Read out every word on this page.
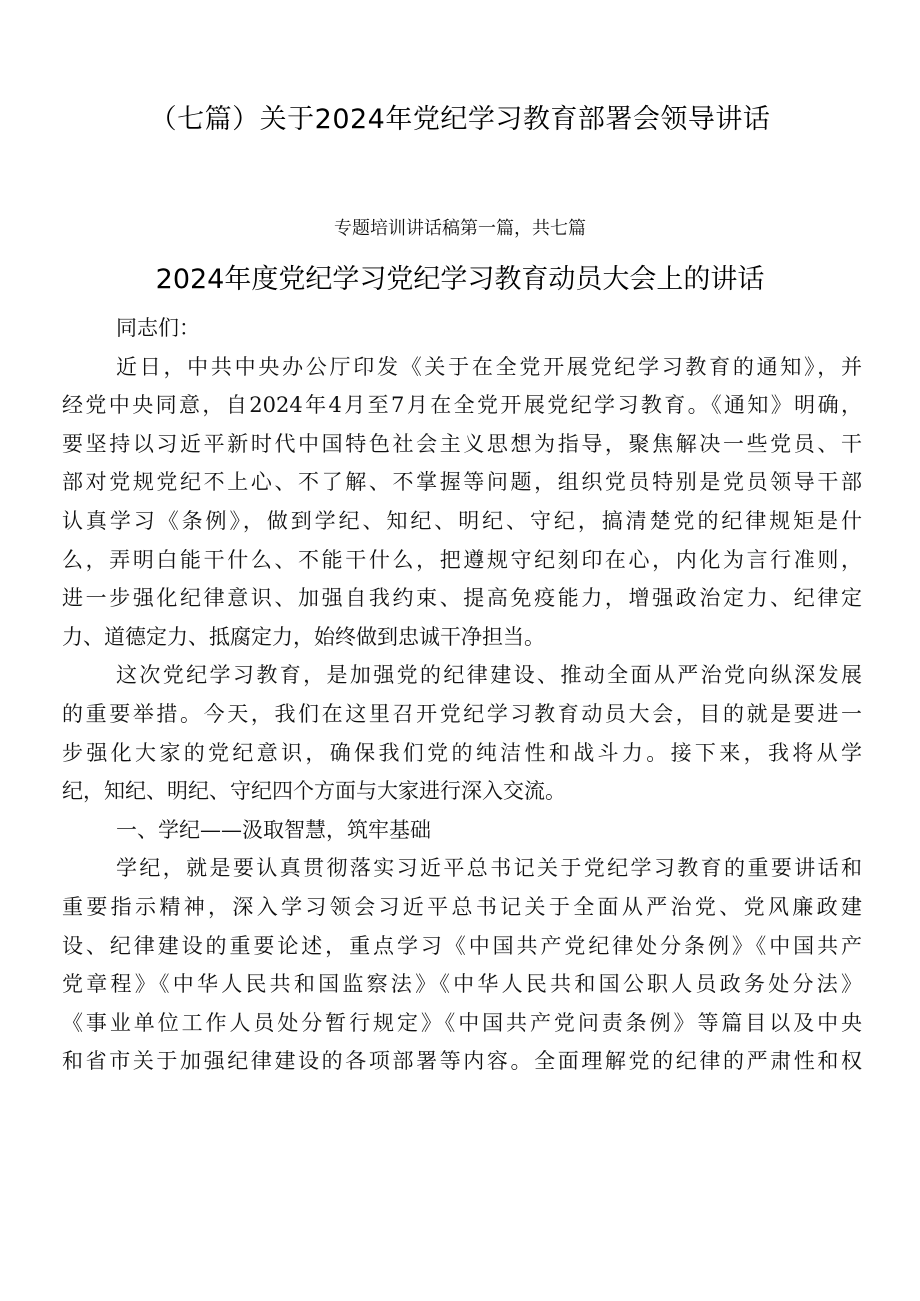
（七篇）关于2024年党纪学习教育部署会领导讲话
专题培训讲话稿第一篇，共七篇
2024年度党纪学习党纪学习教育动员大会上的讲话
同志们：
近日，中共中央办公厅印发《关于在全党开展党纪学习教育的通知》，并
经党中央同意，自2024年4月至7月在全党开展党纪学习教育。《通知》明确，
要坚持以习近平新时代中国特色社会主义思想为指导，聚焦解决一些党员、干
部对党规党纪不上心、不了解、不掌握等问题，组织党员特别是党员领导干部
认真学习《条例》，做到学纪、知纪、明纪、守纪，搞清楚党的纪律规矩是什
么，弄明白能干什么、不能干什么，把遵规守纪刻印在心，内化为言行准则，
进一步强化纪律意识、加强自我约束、提高免疫能力，增强政治定力、纪律定
力、道德定力、抵腐定力，始终做到忠诚干净担当。
这次党纪学习教育，是加强党的纪律建设、推动全面从严治党向纵深发展
的重要举措。今天，我们在这里召开党纪学习教育动员大会，目的就是要进一
步强化大家的党纪意识，确保我们党的纯洁性和战斗力。接下来，我将从学
纪，知纪、明纪、守纪四个方面与大家进行深入交流。
一、学纪——汲取智慧，筑牢基础
学纪，就是要认真贯彻落实习近平总书记关于党纪学习教育的重要讲话和
重要指示精神，深入学习领会习近平总书记关于全面从严治党、党风廉政建
设、纪律建设的重要论述，重点学习《中国共产党纪律处分条例》《中国共产
党章程》《中华人民共和国监察法》《中华人民共和国公职人员政务处分法》
《事业单位工作人员处分暂行规定》《中国共产党问责条例》等篇目以及中央
和省市关于加强纪律建设的各项部署等内容。全面理解党的纪律的严肃性和权
